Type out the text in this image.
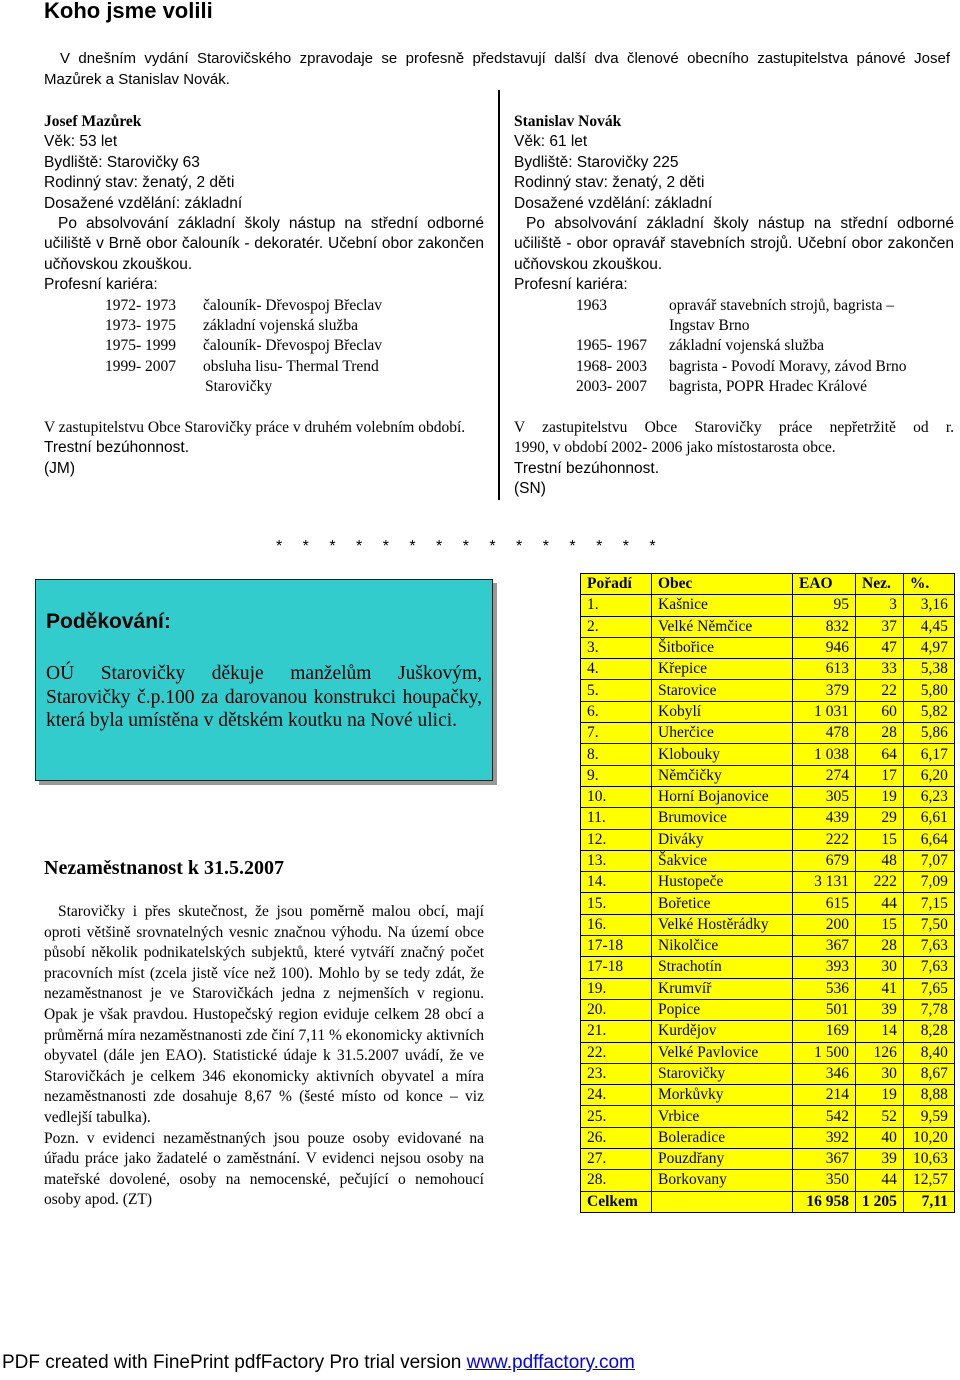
Koho jsme volili
V dnešním vydání Starovičského zpravodaje se profesně představují další dva členové obecního zastupitelstva pánové Josef Mazůrek a Stanislav Novák.
Josef Mazůrek
Věk: 53 let
Bydliště: Starovičky 63
Rodinný stav: ženatý, 2 děti
Dosažené vzdělání: základní
Po absolvování základní školy nástup na střední odborné učiliště v Brně obor čalouník - dekoratér. Učební obor zakončen učňovskou zkouškou.
Profesní kariéra:
1972- 1973	čalouník- Dřevospoj Břeclav
1973- 1975	základní vojenská služba
1975- 1999	čalouník- Dřevospoj Břeclav
1999- 2007	obsluha lisu- Thermal Trend
Starovičky
V zastupitelstvu Obce Starovičky práce v druhém volebním období.
Trestní bezúhonnost.
(JM)
Stanislav Novák
Věk: 61 let
Bydliště: Starovičky 225
Rodinný stav: ženatý, 2 děti
Dosažené vzdělání: základní
Po absolvování základní školy nástup na střední odborné učiliště - obor opravář stavebních strojů. Učební obor zakončen učňovskou zkouškou.
Profesní kariéra:
1963	opravář stavebních strojů, bagrista –
Ingstav Brno
1965- 1967	základní vojenská služba
1968- 2003	bagrista - Povodí Moravy, závod Brno
2003- 2007	bagrista, POPR Hradec Králové
V zastupitelstvu Obce Starovičky práce nepřetržitě od r.
1990, v období 2002- 2006 jako místostarosta obce.
Trestní bezúhonnost.
(SN)
* * * * * * * * * * * * * * *
Poděkování:
OÚ Starovičky děkuje manželům Juškovým, Starovičky č.p.100 za darovanou konstrukci houpačky, která byla umístěna v dětském koutku na Nové ulici.
Nezaměstnanost k 31.5.2007

Starovičky i přes skutečnost, že jsou poměrně malou obcí, mají oproti většině srovnatelných vesnic značnou výhodu. Na území obce působí několik podnikatelských subjektů, které vytváří značný počet pracovních míst (zcela jistě více než 100). Mohlo by se tedy zdát, že nezaměstnanost je ve Starovičkách jedna z nejmenších v regionu. Opak je však pravdou. Hustopečský region eviduje celkem 28 obcí a průměrná míra nezaměstnanosti zde činí 7,11 % ekonomicky aktivních obyvatel (dále jen EAO). Statistické údaje k 31.5.2007 uvádí, že ve Starovičkách je celkem 346 ekonomicky aktivních obyvatel a míra nezaměstnanosti zde dosahuje 8,67 % (šesté místo od konce – viz vedlejší tabulka).

Pozn. v evidenci nezaměstnaných jsou pouze osoby evidované na úřadu práce jako žadatelé o zaměstnání. V evidenci nejsou osoby na mateřské dovolené, osoby na nemocenské, pečující o nemohoucí osoby apod. (ZT)

Pořadí	Obec	EAO	Nez.	%.
1.	Kašnice	95	3	3,16
2.	Velké Němčice	832	37	4,45
3.	Šitbořice	946	47	4,97
4.	Křepice	613	33	5,38
5.	Starovice	379	22	5,80
6.	Kobylí	1 031	60	5,82
7.	Uherčice	478	28	5,86
8.	Klobouky	1 038	64	6,17
9.	Němčičky	274	17	6,20
10.	Horní Bojanovice	305	19	6,23
11.	Brumovice	439	29	6,61
12.	Diváky	222	15	6,64
13.	Šakvice	679	48	7,07
14.	Hustopeče	3 131	222	7,09
15.	Bořetice	615	44	7,15
16.	Velké Hostěrádky	200	15	7,50
17-18	Nikolčice	367	28	7,63
17-18	Strachotín	393	30	7,63
19.	Krumvíř	536	41	7,65
20.	Popice	501	39	7,78
21.	Kurdějov	169	14	8,28
22.	Velké Pavlovice	1 500	126	8,40
23.	Starovičky	346	30	8,67
24.	Morkůvky	214	19	8,88
25.	Vrbice	542	52	9,59
26.	Boleradice	392	40	10,20
27.	Pouzdřany	367	39	10,63
28.	Borkovany	350	44	12,57
Celkem		16 958	1 205	7,11
PDF created with FinePrint pdfFactory Pro trial version www.pdffactory.com
